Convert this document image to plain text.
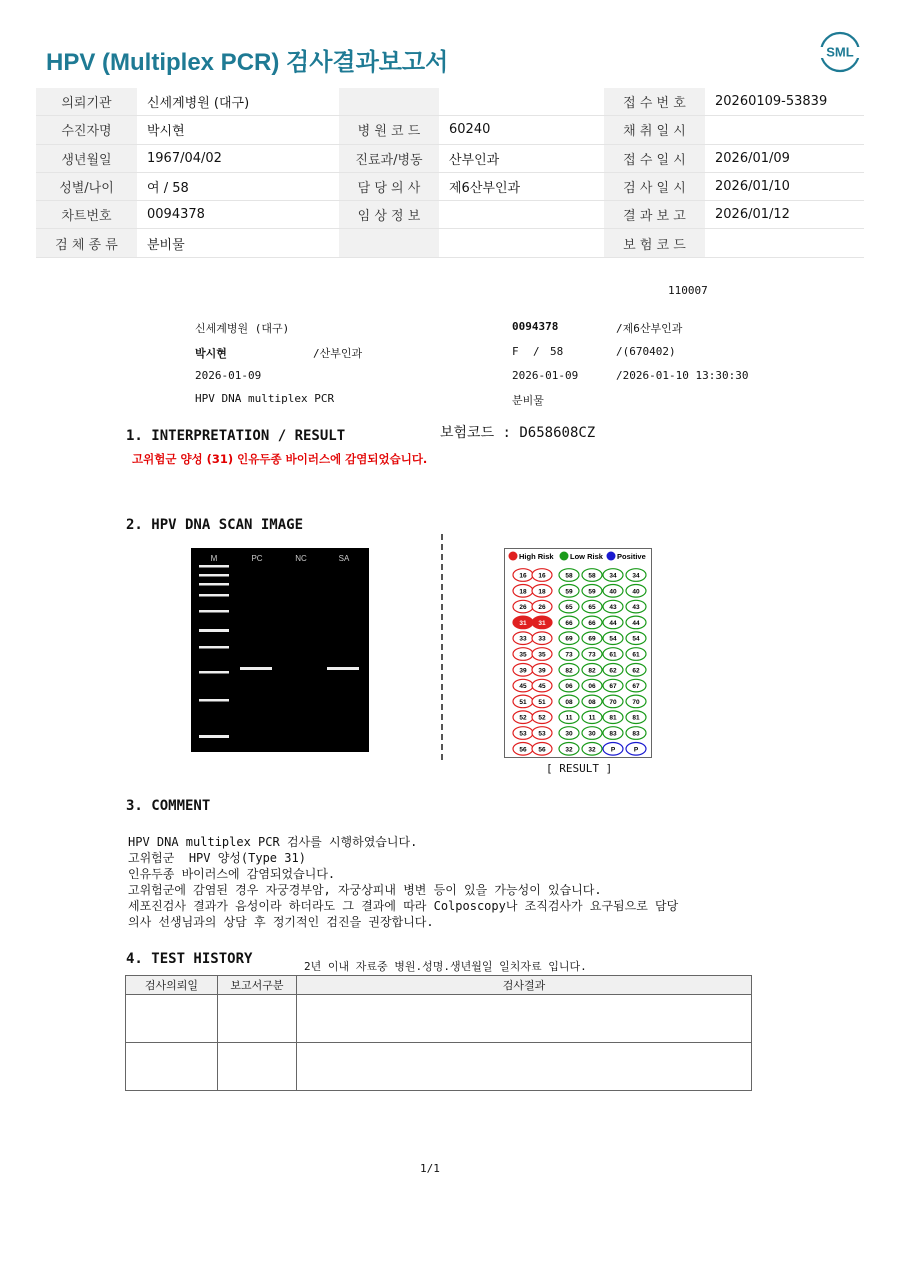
HPV (Multiplex PCR) 검사결과보고서	SML
의뢰기관	신세계병원 (대구)			접 수 번 호	20260109-53839
수진자명	박시현	병 원 코 드	60240	채 취 일 시	
생년월일	1967/04/02	진료과/병동	산부인과	접 수 일 시	2026/01/09
성별/나이	여 / 58	담 당 의 사	제6산부인과	검 사 일 시	2026/01/10
차트번호	0094378	임 상 정 보		결 과 보 고	2026/01/12
검 체 종 류	분비물			보 험 코 드	
110007
신세계병원 (대구)	0094378	/제6산부인과
박시현	/산부인과	F / 58	/(670402)
2026-01-09	2026-01-09	/2026-01-10 13:30:30
HPV DNA multiplex PCR	분비물
1. INTERPRETATION / RESULT	보험코드 : D658608CZ
고위험군 양성 (31) 인유두종 바이러스에 감염되었습니다.
2. HPV DNA SCAN IMAGE
M	PC	NC	SA	High Risk Low Risk Positive
16 16	58 58 34 34
18 18	59 59 40 40
26 26	65 65 43 43
31 31	66 66 44 44
33 33	69 69 54 54
35 35	73 73 61 61
39 39	82 82 62 62
45 45	06 06 67 67
51 51	08 08 70 70
52 52	11 11 81 81
53 53	30 30 83 83
56 56	32 32 P	P
[ RESULT ]
3. COMMENT
HPV DNA multiplex PCR 검사를 시행하였습니다.
고위험군  HPV 양성(Type 31)
인유두종 바이러스에 감염되었습니다.
고위험군에 감염된 경우 자궁경부암, 자궁상피내 병변 등이 있을 가능성이 있습니다.
세포진검사 결과가 음성이라 하더라도 그 결과에 따라 Colposcopy나 조직검사가 요구됨으로 담당
의사 선생님과의 상담 후 정기적인 검진을 권장합니다.
4. TEST HISTORY	2년 이내 자료중 병원.성명.생년월일 일치자료 입니다.
검사의뢰일	보고서구분	검사결과

1/1
